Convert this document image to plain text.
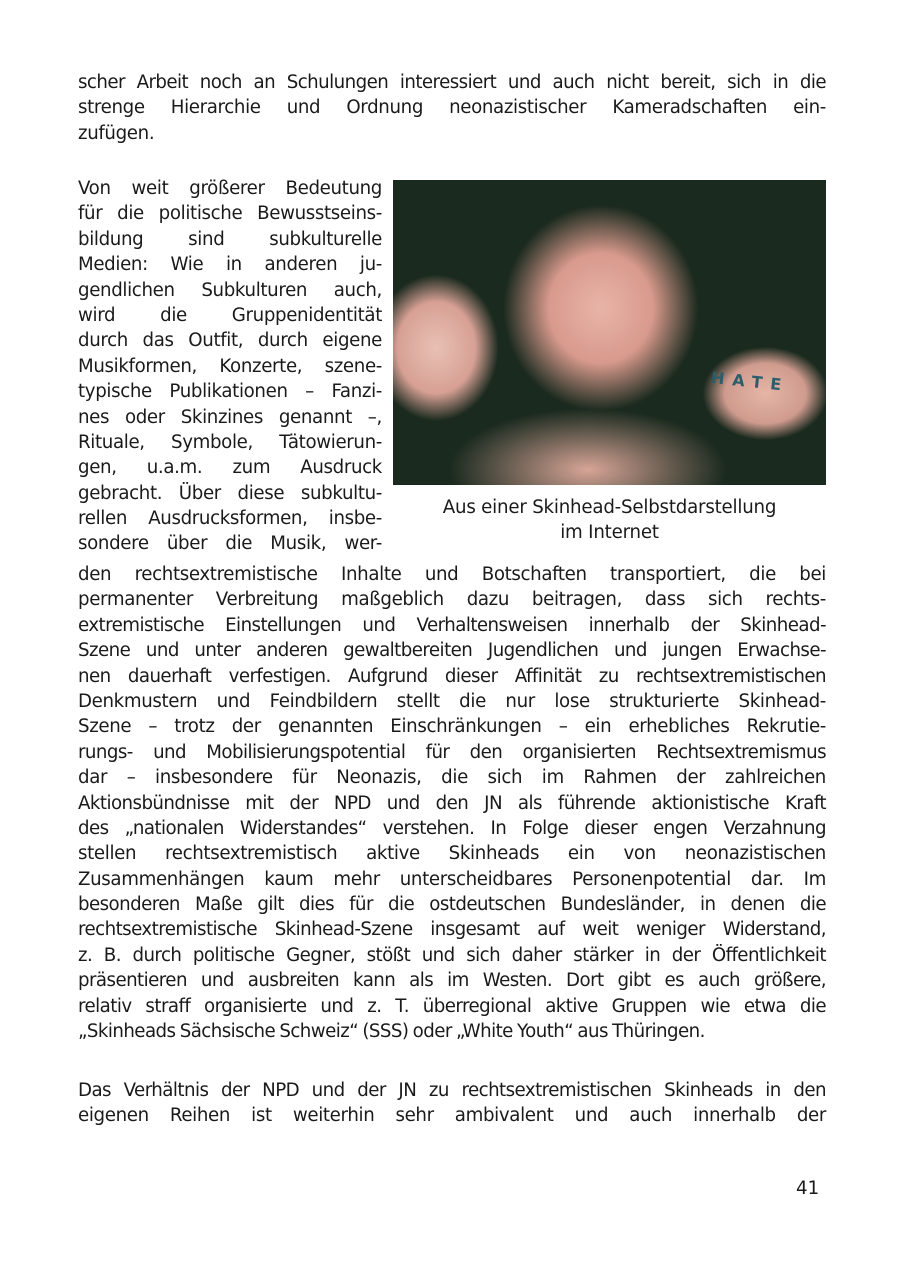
scher Arbeit noch an Schulungen interessiert und auch nicht bereit, sich in die
strenge Hierarchie und Ordnung neonazistischer Kameradschaften ein-
zufügen.
Von weit größerer Bedeutung
für die politische Bewusstseins-
bildung sind subkulturelle
Medien: Wie in anderen ju-
gendlichen Subkulturen auch,
wird die Gruppenidentität
durch das Outfit, durch eigene
Musikformen, Konzerte, szene-
typische Publikationen – Fanzi-
nes oder Skinzines genannt –,
Rituale, Symbole, Tätowierun-
gen, u.a.m. zum Ausdruck
gebracht. Über diese subkultu-
rellen Ausdrucksformen, insbe-
sondere über die Musik, wer-
HATE
Aus einer Skinhead-Selbstdarstellung
im Internet
den rechtsextremistische Inhalte und Botschaften transportiert, die bei
permanenter Verbreitung maßgeblich dazu beitragen, dass sich rechts-
extremistische Einstellungen und Verhaltensweisen innerhalb der Skinhead-
Szene und unter anderen gewaltbereiten Jugendlichen und jungen Erwachse-
nen dauerhaft verfestigen. Aufgrund dieser Affinität zu rechtsextremistischen
Denkmustern und Feindbildern stellt die nur lose strukturierte Skinhead-
Szene – trotz der genannten Einschränkungen – ein erhebliches Rekrutie-
rungs- und Mobilisierungspotential für den organisierten Rechtsextremismus
dar – insbesondere für Neonazis, die sich im Rahmen der zahlreichen
Aktionsbündnisse mit der NPD und den JN als führende aktionistische Kraft
des „nationalen Widerstandes“ verstehen. In Folge dieser engen Verzahnung
stellen rechtsextremistisch aktive Skinheads ein von neonazistischen
Zusammenhängen kaum mehr unterscheidbares Personenpotential dar. Im
besonderen Maße gilt dies für die ostdeutschen Bundesländer, in denen die
rechtsextremistische Skinhead-Szene insgesamt auf weit weniger Widerstand,
z. B. durch politische Gegner, stößt und sich daher stärker in der Öffentlichkeit
präsentieren und ausbreiten kann als im Westen. Dort gibt es auch größere,
relativ straff organisierte und z. T. überregional aktive Gruppen wie etwa die
„Skinheads Sächsische Schweiz“ (SSS) oder „White Youth“ aus Thüringen.
Das Verhältnis der NPD und der JN zu rechtsextremistischen Skinheads in den
eigenen Reihen ist weiterhin sehr ambivalent und auch innerhalb der
41
